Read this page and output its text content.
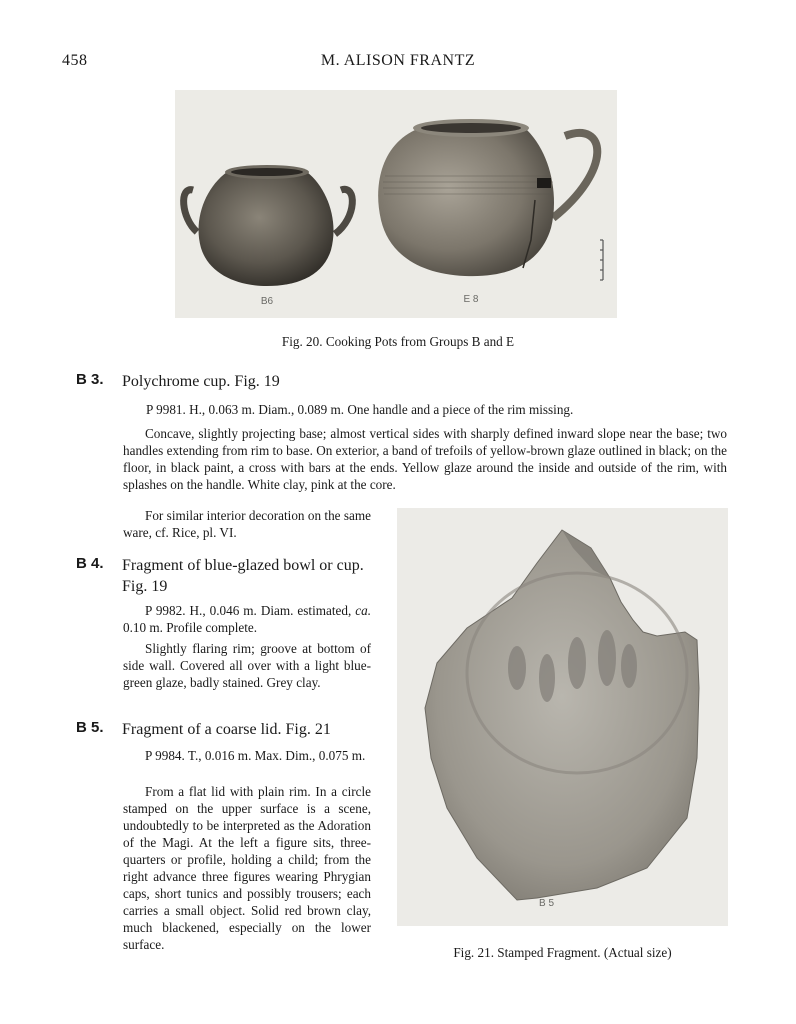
458	M. ALISON FRANTZ
B6	E 8
Fig. 20. Cooking Pots from Groups B and E
B 3. Polychrome cup. Fig. 19

P 9981. H., 0.063 m. Diam., 0.089 m. One handle and a piece of the rim missing.

Concave, slightly projecting base; almost vertical sides with sharply defined inward slope near the base; two handles extending from rim to base. On exterior, a band of trefoils of yellow-brown glaze outlined in black; on the floor, in black paint, a cross with bars at the ends. Yellow glaze around the inside and outside of the rim, with splashes on the handle. White clay, pink at the core.

For similar interior decoration on the same ware, cf. Rice, pl. VI.

B 4. Fragment of blue-glazed bowl or cup. Fig. 19

P 9982. H., 0.046 m. Diam. estimated, ca. 0.10 m. Profile complete.

Slightly flaring rim; groove at bottom of side wall. Covered all over with a light blue-green glaze, badly stained. Grey clay.

B 5. Fragment of a coarse lid. Fig. 21

P 9984. T., 0.016 m. Max. Dim., 0.075 m.

From a flat lid with plain rim. In a circle stamped on the upper surface is a scene, undoubtedly to be interpreted as the Adoration of the Magi. At the left a figure sits, three-quarters or profile, holding a child; from the right advance three figures wearing Phrygian caps, short tunics and possibly trousers; each carries a small object. Solid red brown clay, much blackened, especially on the lower surface.

B 5
Fig. 21. Stamped Fragment. (Actual size)
